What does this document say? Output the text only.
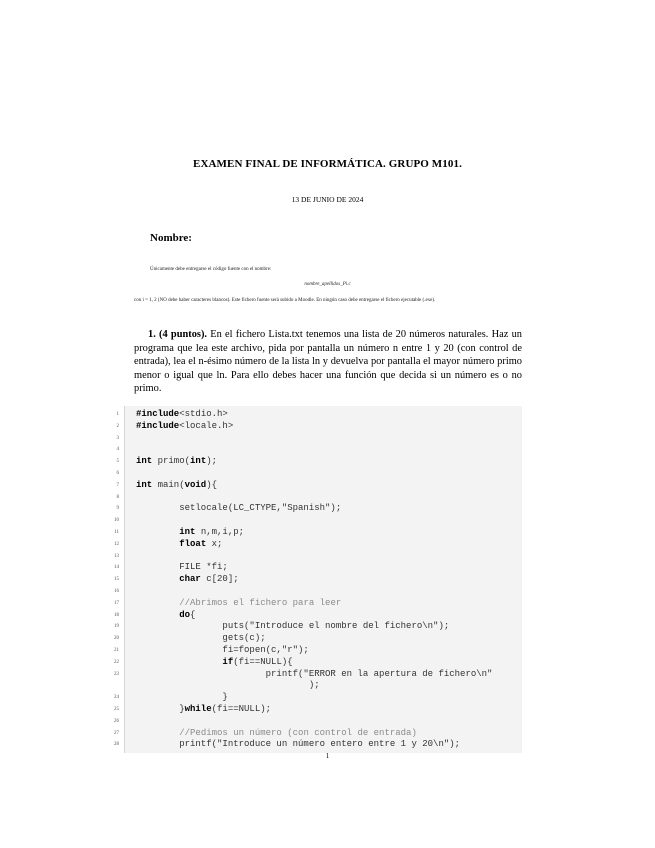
EXAMEN FINAL DE INFORMÁTICA. GRUPO M101.
13 DE JUNIO DE 2024
Nombre:
Únicamente debe entregarse el código fuente con el nombre:
nombre_apellidos_Pi.c
con i = 1, 2 (NO debe haber caracteres blancos). Este fichero fuente será subido a Moodle. En ningún caso debe entregarse el fichero ejecutable (.exe).
1. (4 puntos). En el fichero Lista.txt tenemos una lista de 20 números naturales. Haz un programa que lea este archivo, pida por pantalla un número n entre 1 y 20 (con control de entrada), lea el n-ésimo número de la lista ln y devuelva por pantalla el mayor número primo menor o igual que ln. Para ello debes hacer una función que decida si un número es o no primo.
#include<stdio.h>
#include<locale.h>
int primo(int);
int main(void){
setlocale(LC_CTYPE,"Spanish");
int n,m,i,p;
float x;
FILE *fi;
char c[20];
//Abrimos el fichero para leer
do{
puts("Introduce el nombre del fichero\n");
gets(c);
fi=fopen(c,"r");
if(fi==NULL){
printf("ERROR en la apertura de fichero\n"
);
}
}while(fi==NULL);
//Pedimos un número (con control de entrada)
printf("Introduce un número entero entre 1 y 20\n");
1
1
2
3
4
5
6
7
8
9
10
11
12
13
14
15
16
17
18
19
20
21
22
23
24
25
26
27
28
